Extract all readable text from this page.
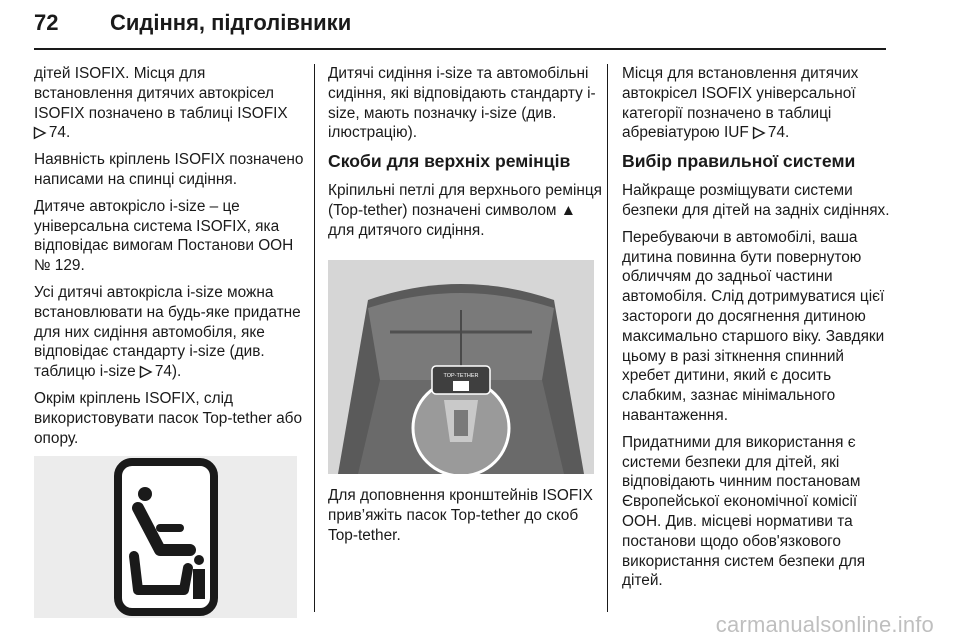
72 Сидіння, підголівники

дітей ISOFIX. Місця для встановлення дитячих автокрісел ISOFIX позначено в таблиці ISOFIX
▷ 74.

Наявність кріплень ISOFIX позначено написами на спинці сидіння.

Дитяче автокрісло i-size – це універсальна система ISOFIX, яка відповідає вимогам Постанови ООН № 129.

Усі дитячі автокрісла i-size можна встановлювати на будь-яке придатне для них сидіння автомобіля, яке відповідає стандарту i-size (див. таблицю i-size ▷ 74).

Окрім кріплень ISOFIX, слід використовувати пасок Top-tether або опору.

Дитячі сидіння i-size та автомобільні сидіння, які відповідають стандарту i-size, мають позначку i-size (див. ілюстрацію).

Скоби для верхніх ремінців

Кріпильні петлі для верхнього ремінця (Top-tether) позначені символом ▲ для дитячого сидіння.

TOP-TETHER

Для доповнення кронштейнів ISOFIX прив’яжіть пасок Top-tether до скоб Top-tether.

Місця для встановлення дитячих автокрісел ISOFIX універсальної категорії позначено в таблиці абревіатурою IUF ▷ 74.

Вибір правильної системи

Найкраще розміщувати системи безпеки для дітей на задніх сидіннях.

Перебуваючи в автомобілі, ваша дитина повинна бути повернутою обличчям до задньої частини автомобіля. Слід дотримуватися цієї застороги до досягнення дитиною максимально старшого віку. Завдяки цьому в разі зіткнення спинний хребет дитини, який є досить слабким, зазнає мінімального навантаження.

Придатними для використання є системи безпеки для дітей, які відповідають чинним постановам Європейської економічної комісії ООН. Див. місцеві нормативи та постанови щодо обов'язкового використання систем безпеки для дітей.

carmanualsonline.info
